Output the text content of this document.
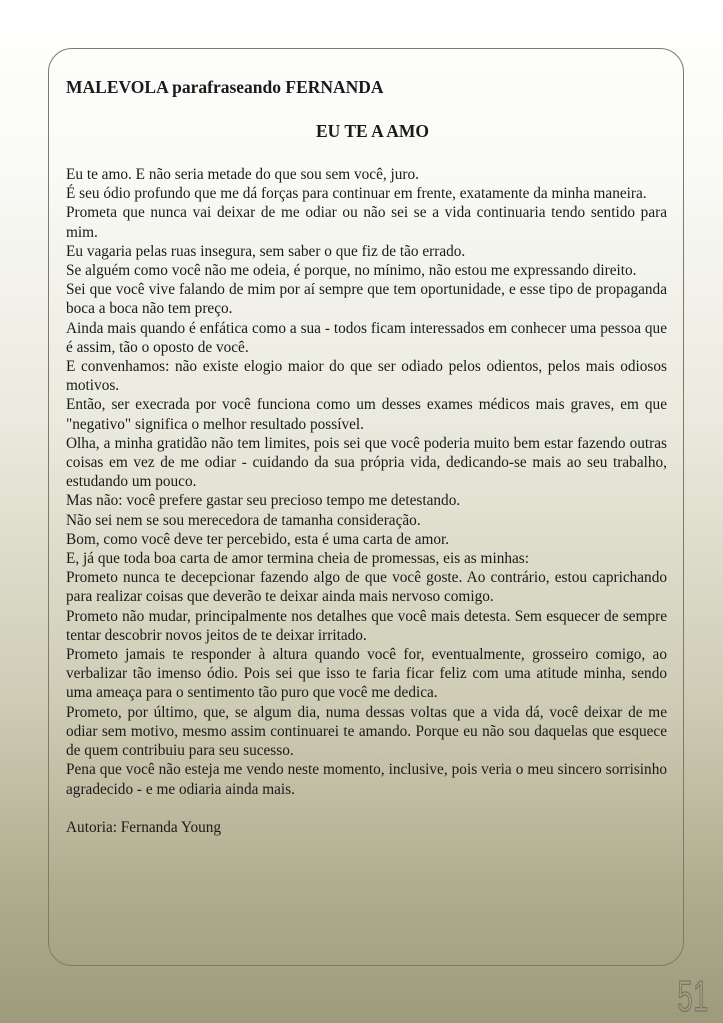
MALEVOLA parafraseando FERNANDA
EU TE A AMO

Eu te amo. E não seria metade do que sou sem você, juro.

É seu ódio profundo que me dá forças para continuar em frente, exatamente da minha maneira.

Prometa que nunca vai deixar de me odiar ou não sei se a vida continuaria tendo sentido para mim.

Eu vagaria pelas ruas insegura, sem saber o que fiz de tão errado.

Se alguém como você não me odeia, é porque, no mínimo, não estou me expressando direito.

Sei que você vive falando de mim por aí sempre que tem oportunidade, e esse tipo de propaganda boca a boca não tem preço.

Ainda mais quando é enfática como a sua - todos ficam interessados em conhecer uma pessoa que é assim, tão o oposto de você.

E convenhamos: não existe elogio maior do que ser odiado pelos odientos, pelos mais odiosos motivos.

Então, ser execrada por você funciona como um desses exames médicos mais graves, em que "negativo" significa o melhor resultado possível.

Olha, a minha gratidão não tem limites, pois sei que você poderia muito bem estar fazendo outras coisas em vez de me odiar - cuidando da sua própria vida, dedicando-se mais ao seu trabalho, estudando um pouco.

Mas não: você prefere gastar seu precioso tempo me detestando.

Não sei nem se sou merecedora de tamanha consideração.

Bom, como você deve ter percebido, esta é uma carta de amor.

E, já que toda boa carta de amor termina cheia de promessas, eis as minhas:

Prometo nunca te decepcionar fazendo algo de que você goste. Ao contrário, estou caprichando para realizar coisas que deverão te deixar ainda mais nervoso comigo.

Prometo não mudar, principalmente nos detalhes que você mais detesta. Sem esquecer de sempre tentar descobrir novos jeitos de te deixar irritado.

Prometo jamais te responder à altura quando você for, eventualmente, grosseiro comigo, ao verbalizar tão imenso ódio. Pois sei que isso te faria ficar feliz com uma atitude minha, sendo uma ameaça para o sentimento tão puro que você me dedica.

Prometo, por último, que, se algum dia, numa dessas voltas que a vida dá, você deixar de me odiar sem motivo, mesmo assim continuarei te amando. Porque eu não sou daquelas que esquece de quem contribuiu para seu sucesso.

Pena que você não esteja me vendo neste momento, inclusive, pois veria o meu sincero sorrisinho agradecido - e me odiaria ainda mais.

Autoria: Fernanda Young

51
